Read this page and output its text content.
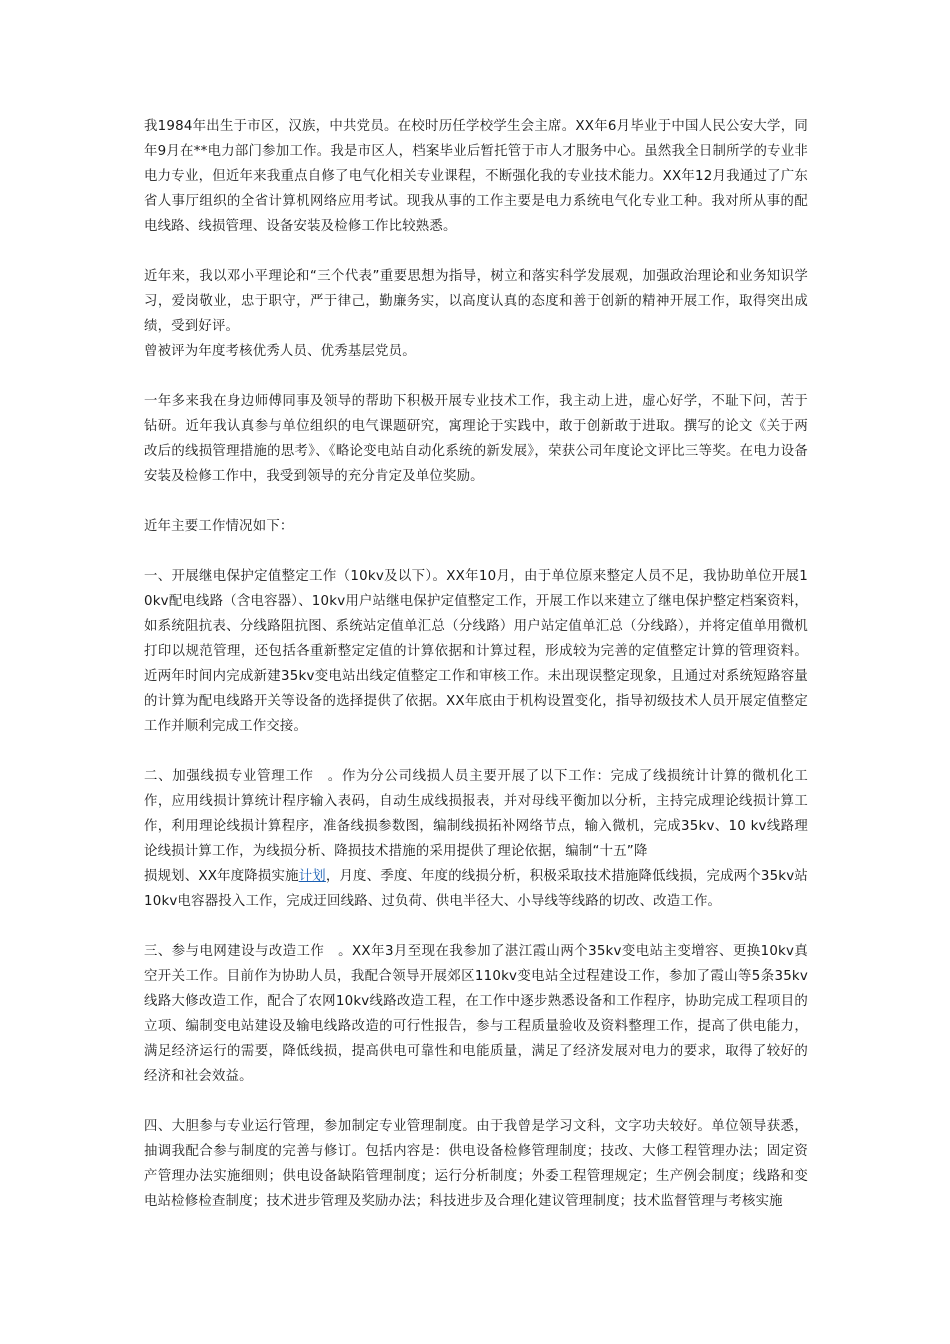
我1984年出生于市区，汉族，中共党员。在校时历任学校学生会主席。XX年6月毕业于中国人民公安大学，同年9月在**电力部门参加工作。我是市区人，档案毕业后暂托管于市人才服务中心。虽然我全日制所学的专业非电力专业，但近年来我重点自修了电气化相关专业课程，不断强化我的专业技术能力。XX年12月我通过了广东省人事厅组织的全省计算机网络应用考试。现我从事的工作主要是电力系统电气化专业工种。我对所从事的配电线路、线损管理、设备安装及检修工作比较熟悉。

近年来，我以邓小平理论和“三个代表”重要思想为指导，树立和落实科学发展观，加强政治理论和业务知识学习，爱岗敬业，忠于职守，严于律己，勤廉务实，以高度认真的态度和善于创新的精神开展工作，取得突出成绩，受到好评。

曾被评为年度考核优秀人员、优秀基层党员。

一年多来我在身边师傅同事及领导的帮助下积极开展专业技术工作，我主动上进，虚心好学，不耻下问，苦于钻研。近年我认真参与单位组织的电气课题研究，寓理论于实践中，敢于创新敢于进取。撰写的论文《关于两改后的线损管理措施的思考》、《略论变电站自动化系统的新发展》，荣获公司年度论文评比三等奖。在电力设备安装及检修工作中，我受到领导的充分肯定及单位奖励。

近年主要工作情况如下：

一、开展继电保护定值整定工作（10kv及以下）。XX年10月，由于单位原来整定人员不足，我协助单位开展10kv配电线路（含电容器）、10kv用户站继电保护定值整定工作，开展工作以来建立了继电保护整定档案资料，如系统阻抗表、分线路阻抗图、系统站定值单汇总（分线路）用户站定值单汇总（分线路），并将定值单用微机打印以规范管理，还包括各重新整定定值的计算依据和计算过程，形成较为完善的定值整定计算的管理资料。近两年时间内完成新建35kv变电站出线定值整定工作和审核工作。未出现误整定现象，且通过对系统短路容量的计算为配电线路开关等设备的选择提供了依据。XX年底由于机构设置变化，指导初级技术人员开展定值整定工作并顺利完成工作交接。

二、加强线损专业管理工作　。作为分公司线损人员主要开展了以下工作：完成了线损统计计算的微机化工作，应用线损计算统计程序输入表码，自动生成线损报表，并对母线平衡加以分析，主持完成理论线损计算工作，利用理论线损计算程序，准备线损参数图，编制线损拓补网络节点，输入微机，完成35kv、10 kv线路理论线损计算工作，为线损分析、降损技术措施的采用提供了理论依据，编制“十五”降

损规划、XX年度降损实施计划，月度、季度、年度的线损分析，积极采取技术措施降低线损，完成两个35kv站10kv电容器投入工作，完成迂回线路、过负荷、供电半径大、小导线等线路的切改、改造工作。

三、参与电网建设与改造工作　。XX年3月至现在我参加了湛江霞山两个35kv变电站主变增容、更换10kv真空开关工作。目前作为协助人员，我配合领导开展郊区110kv变电站全过程建设工作，参加了霞山等5条35kv线路大修改造工作，配合了农网10kv线路改造工程，在工作中逐步熟悉设备和工作程序，协助完成工程项目的立项、编制变电站建设及输电线路改造的可行性报告，参与工程质量验收及资料整理工作，提高了供电能力，满足经济运行的需要，降低线损，提高供电可靠性和电能质量，满足了经济发展对电力的要求，取得了较好的经济和社会效益。

四、大胆参与专业运行管理，参加制定专业管理制度。由于我曾是学习文科，文字功夫较好。单位领导获悉，抽调我配合参与制度的完善与修订。包括内容是：供电设备检修管理制度；技改、大修工程管理办法；固定资产管理办法实施细则；供电设备缺陷管理制度；运行分析制度；外委工程管理规定；生产例会制度；线路和变电站检修检查制度；技术进步管理及奖励办法；科技进步及合理化建议管理制度；技术监督管理与考核实施
